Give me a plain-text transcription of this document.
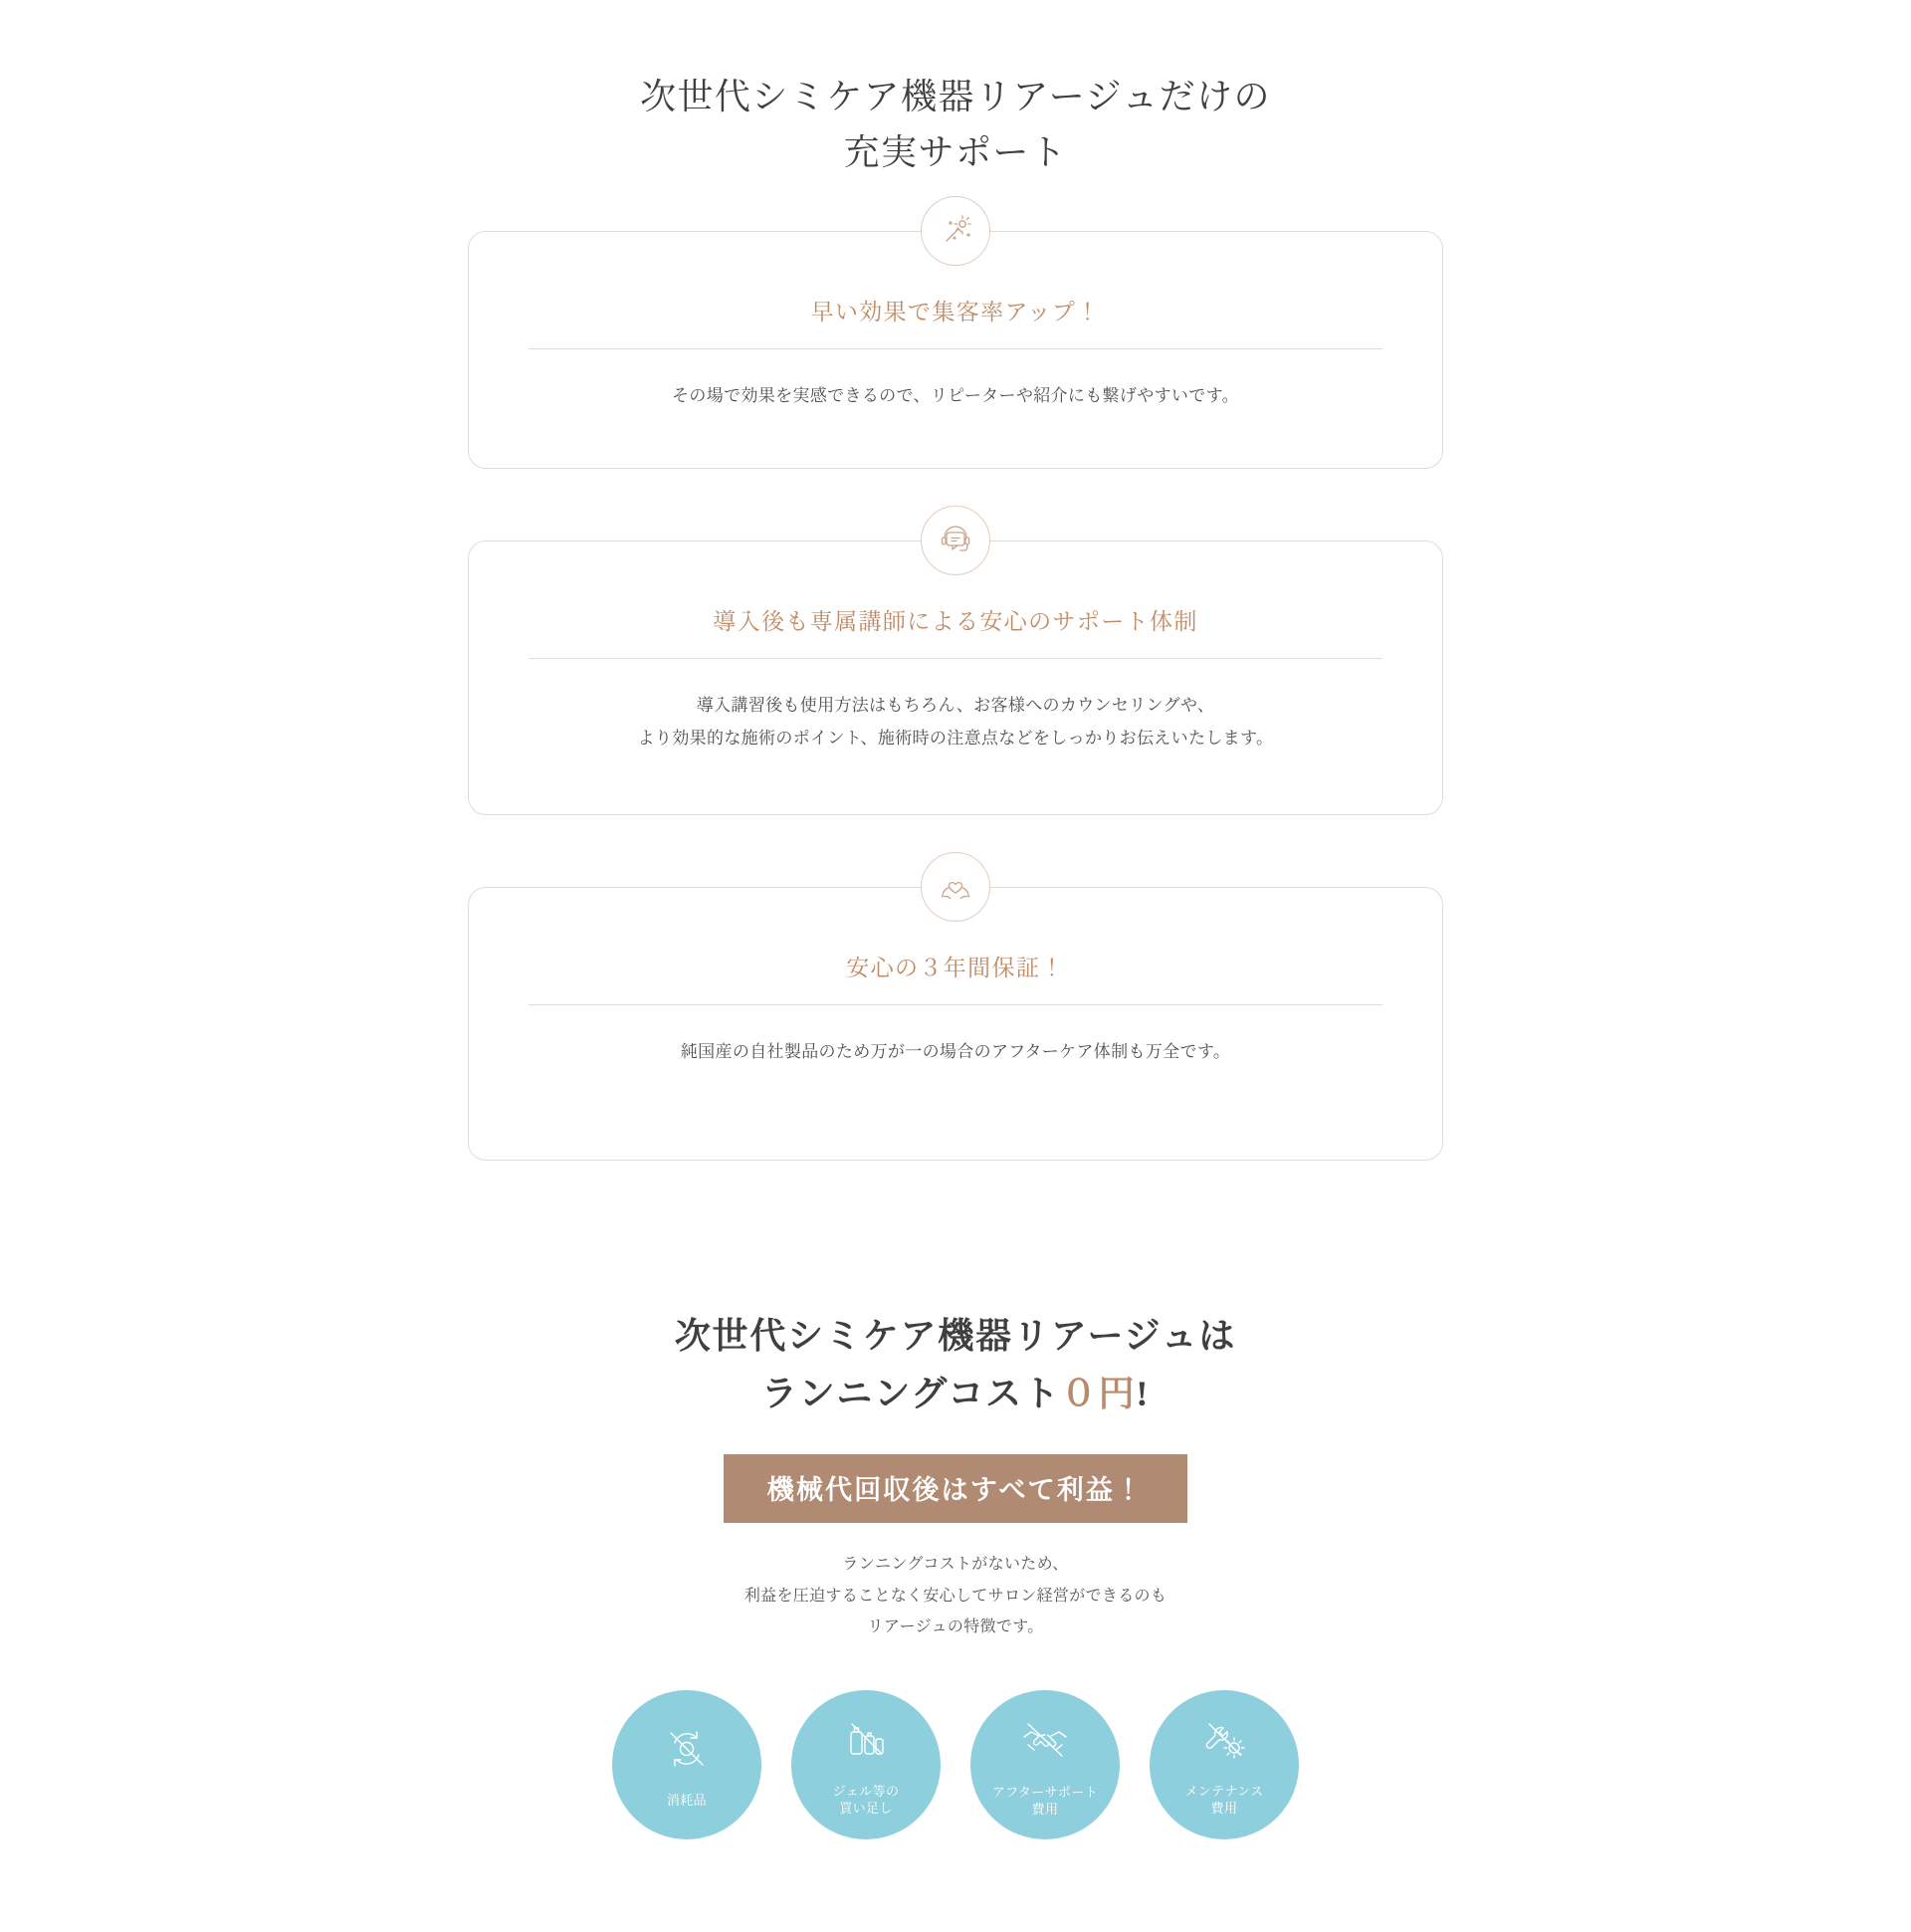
次世代シミケア機器リアージュだけの
充実サポート
早い効果で集客率アップ！
その場で効果を実感できるので、リピーターや紹介にも繋げやすいです。
導入後も専属講師による安心のサポート体制
導入講習後も使用方法はもちろん、お客様へのカウンセリングや、
より効果的な施術のポイント、施術時の注意点などをしっかりお伝えいたします。
安心の３年間保証！
純国産の自社製品のため万が一の場合のアフターケア体制も万全です。
次世代シミケア機器リアージュは
ランニングコスト０円!
機械代回収後はすべて利益！
ランニングコストがないため、
利益を圧迫することなく安心してサロン経営ができるのも
リアージュの特徴です。
消耗品
ジェル等の
買い足し
アフターサポート
費用
メンテナンス
費用
